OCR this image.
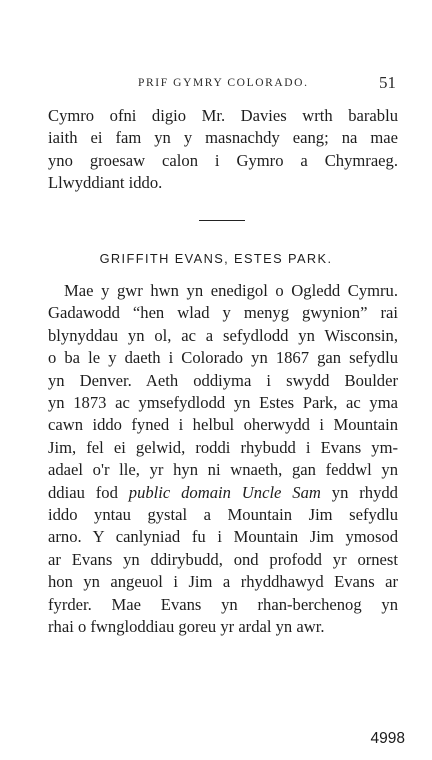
PRIF GYMRY COLORADO.	51
Cymro ofni digio Mr. Davies wrth barablu
iaith ei fam yn y masnachdy eang; na mae
yno groesaw calon i Gymro a Chymraeg.
Llwyddiant iddo.
GRIFFITH EVANS, ESTES PARK.
Mae y gwr hwn yn enedigol o Ogledd Cymru.
Gadawodd “hen wlad y menyg gwynion” rai
blynyddau yn ol, ac a sefydlodd yn Wisconsin,
o ba le y daeth i Colorado yn 1867 gan sefydlu
yn Denver. Aeth oddiyma i swydd Boulder
yn 1873 ac ymsefydlodd yn Estes Park, ac yma
cawn iddo fyned i helbul oherwydd i Mountain
Jim, fel ei gelwid, roddi rhybudd i Evans ym-
adael o'r lle, yr hyn ni wnaeth, gan feddwl yn
ddiau fod public domain Uncle Sam yn rhydd
iddo yntau gystal a Mountain Jim sefydlu
arno. Y canlyniad fu i Mountain Jim ymosod
ar Evans yn ddirybudd, ond profodd yr ornest
hon yn angeuol i Jim a rhyddhawyd Evans ar
fyrder. Mae Evans yn rhan-berchenog yn
rhai o fwngloddiau goreu yr ardal yn awr.
4998
